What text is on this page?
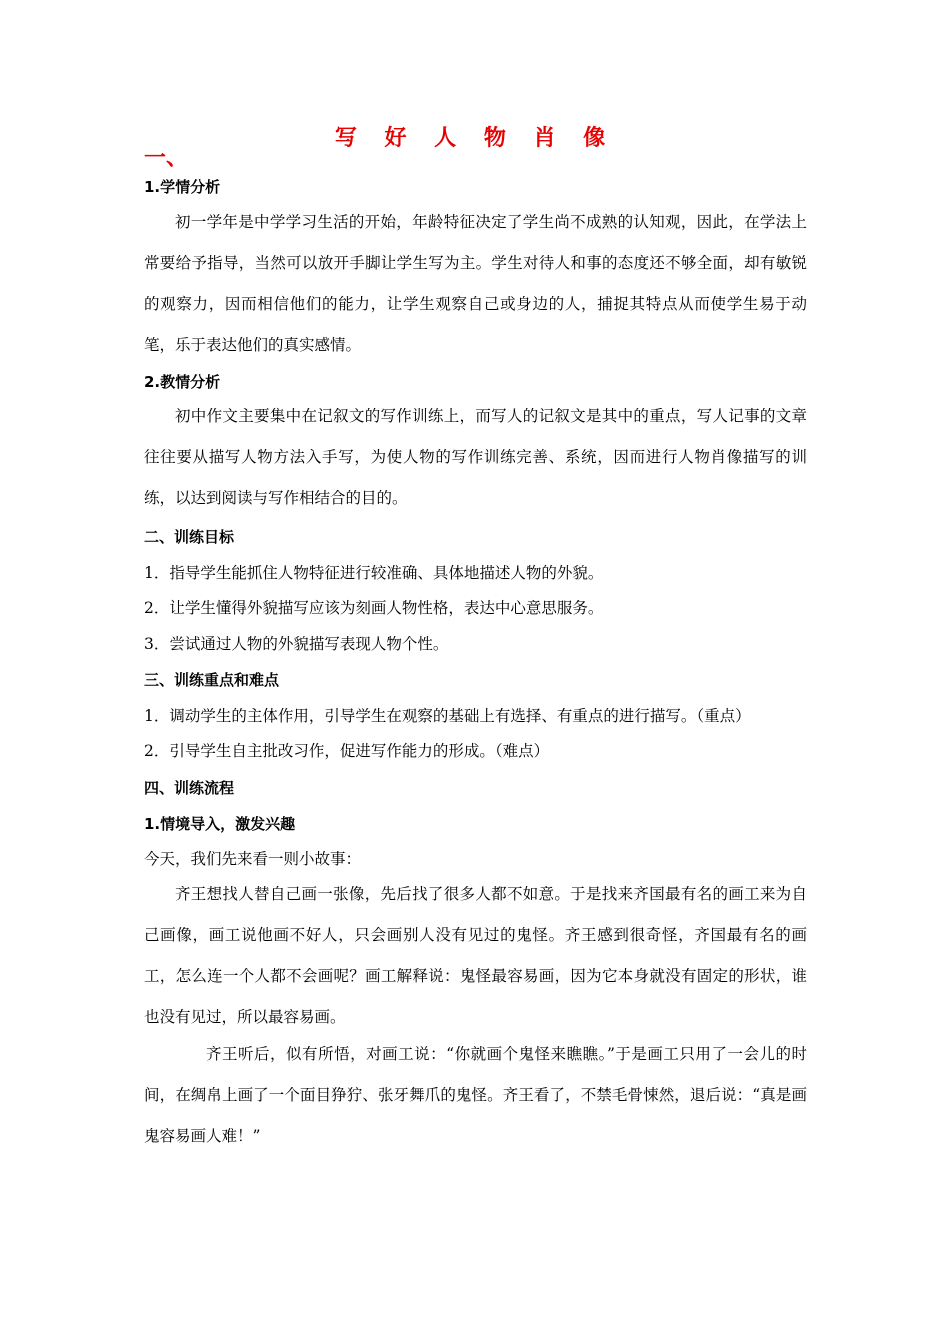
写 好 人 物 肖 像
一、
1.学情分析

初一学年是中学学习生活的开始，年龄特征决定了学生尚不成熟的认知观，因此，在学法上常要给予指导，当然可以放开手脚让学生写为主。学生对待人和事的态度还不够全面，却有敏锐的观察力，因而相信他们的能力，让学生观察自己或身边的人，捕捉其特点从而使学生易于动笔，乐于表达他们的真实感情。

2.教情分析

初中作文主要集中在记叙文的写作训练上，而写人的记叙文是其中的重点，写人记事的文章往往要从描写人物方法入手写，为使人物的写作训练完善、系统，因而进行人物肖像描写的训练，以达到阅读与写作相结合的目的。

二、训练目标
1．指导学生能抓住人物特征进行较准确、具体地描述人物的外貌。
2．让学生懂得外貌描写应该为刻画人物性格，表达中心意思服务。
3．尝试通过人物的外貌描写表现人物个性。
三、训练重点和难点
1．调动学生的主体作用，引导学生在观察的基础上有选择、有重点的进行描写。（重点）
2．引导学生自主批改习作，促进写作能力的形成。（难点）
四、训练流程
1.情境导入，激发兴趣
今天，我们先来看一则小故事：

齐王想找人替自己画一张像，先后找了很多人都不如意。于是找来齐国最有名的画工来为自己画像，画工说他画不好人，只会画别人没有见过的鬼怪。齐王感到很奇怪，齐国最有名的画工，怎么连一个人都不会画呢？画工解释说：鬼怪最容易画，因为它本身就没有固定的形状，谁也没有见过，所以最容易画。

齐王听后，似有所悟，对画工说：“你就画个鬼怪来瞧瞧。”于是画工只用了一会儿的时间，在绸帛上画了一个面目狰狞、张牙舞爪的鬼怪。齐王看了，不禁毛骨悚然，退后说：“真是画鬼容易画人难！”
